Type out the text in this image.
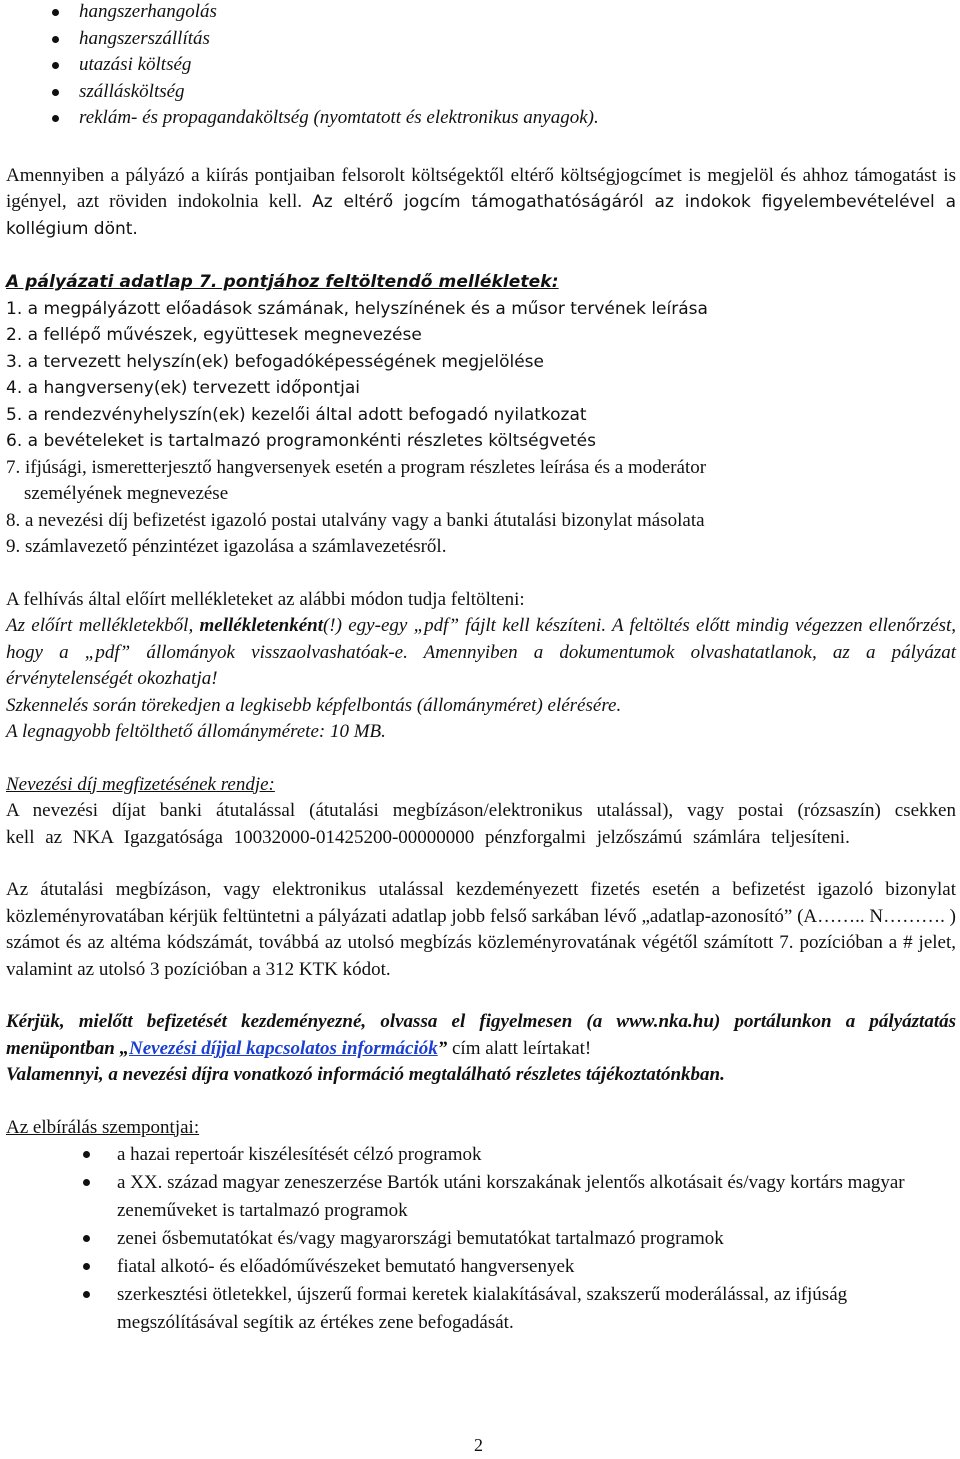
hangszerhangolás
hangszerszállítás
utazási költség
szállásköltség
reklám- és propagandaköltség (nyomtatott és elektronikus anyagok).

Amennyiben a pályázó a kiírás pontjaiban felsorolt költségektől eltérő költségjogcímet is megjelöl és ahhoz támogatást is igényel, azt röviden indokolnia kell. Az eltérő jogcím támogathatóságáról az indokok figyelembevételével a kollégium dönt.

A pályázati adatlap 7. pontjához feltöltendő mellékletek:

1. a megpályázott előadások számának, helyszínének és a műsor tervének leírása

2. a fellépő művészek, együttesek megnevezése

3. a tervezett helyszín(ek) befogadóképességének megjelölése

4. a hangverseny(ek) tervezett időpontjai

5. a rendezvényhelyszín(ek) kezelői által adott befogadó nyilatkozat

6. a bevételeket is tartalmazó programonkénti részletes költségvetés

7. ifjúsági, ismeretterjesztő hangversenyek esetén a program részletes leírása és a moderátor

személyének megnevezése

8. a nevezési díj befizetést igazoló postai utalvány vagy a banki átutalási bizonylat másolata

9. számlavezető pénzintézet igazolása a számlavezetésről.

A felhívás által előírt mellékleteket az alábbi módon tudja feltölteni:

Az előírt mellékletekből, mellékletenként(!) egy-egy „pdf” fájlt kell készíteni. A feltöltés előtt mindig végezzen ellenőrzést, hogy a „pdf” állományok visszaolvashatóak-e. Amennyiben a dokumentumok olvashatatlanok, az a pályázat érvénytelenségét okozhatja!

Szkennelés során törekedjen a legkisebb képfelbontás (állományméret) elérésére.

A legnagyobb feltölthető állománymérete: 10 MB.

Nevezési díj megfizetésének rendje:

A nevezési díjat banki átutalással (átutalási megbízáson/elektronikus utalással), vagy postai (rózsaszín) csekken kell az NKA Igazgatósága 10032000-01425200-00000000 pénzforgalmi jelzőszámú számlára teljesíteni.

Az átutalási megbízáson, vagy elektronikus utalással kezdeményezett fizetés esetén a befizetést igazoló bizonylat közleményrovatában kérjük feltüntetni a pályázati adatlap jobb felső sarkában lévő „adatlap-azonosító” (A…….. N………. ) számot és az altéma kódszámát, továbbá az utolsó megbízás közleményrovatának végétől számított 7. pozícióban a # jelet, valamint az utolsó 3 pozícióban a 312 KTK kódot.

Kérjük, mielőtt befizetését kezdeményezné, olvassa el figyelmesen (a www.nka.hu) portálunkon a pályáztatás menüpontban „Nevezési díjjal kapcsolatos információk” cím alatt leírtakat!

Valamennyi, a nevezési díjra vonatkozó információ megtalálható részletes tájékoztatónkban.

Az elbírálás szempontjai:

a hazai repertoár kiszélesítését célzó programok
a XX. század magyar zeneszerzése Bartók utáni korszakának jelentős alkotásait és/vagy kortárs magyar zeneműveket is tartalmazó programok
zenei ősbemutatókat és/vagy magyarországi bemutatókat tartalmazó programok
fiatal alkotó- és előadóművészeket bemutató hangversenyek
szerkesztési ötletekkel, újszerű formai keretek kialakításával, szakszerű moderálással, az ifjúság megszólításával segítik az értékes zene befogadását.
2
